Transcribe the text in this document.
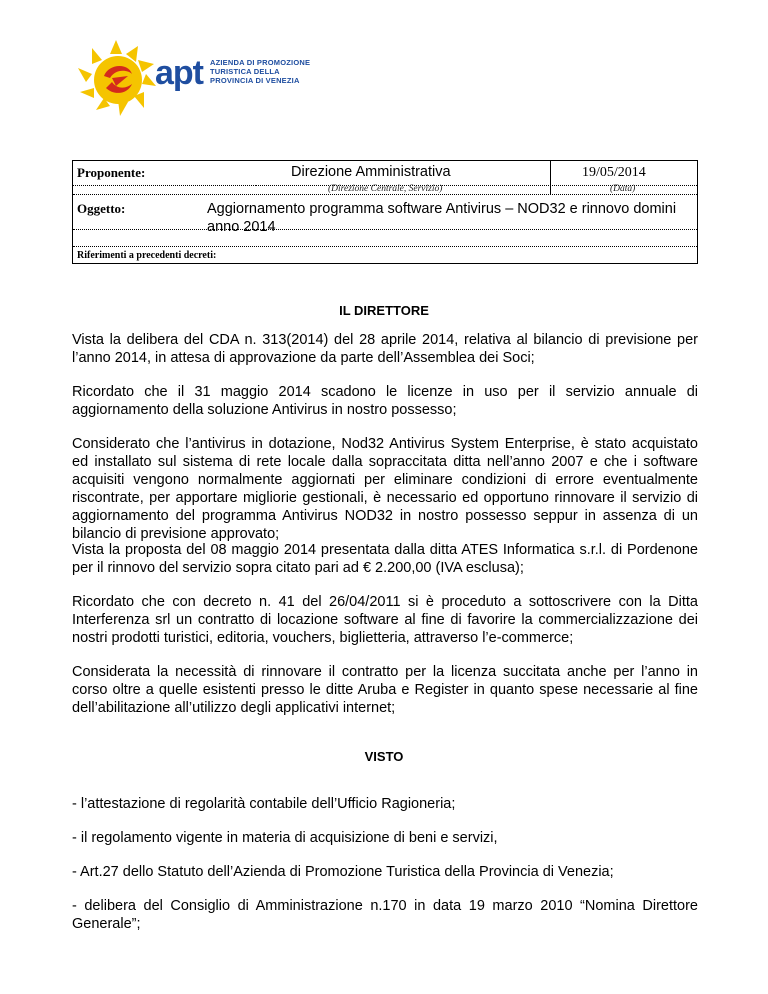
apt AZIENDA DI PROMOZIONE
TURISTICA DELLA
PROVINCIA DI VENEZIA
Proponente:	Direzione Amministrativa	19/05/2014
(Direzione Centrale, Servizio)	(Data)
Oggetto:	Aggiornamento programma software Antivirus – NOD32 e rinnovo domini anno 2014
Riferimenti a precedenti decreti:
IL DIRETTORE
Vista la delibera del CDA n. 313(2014) del 28 aprile 2014, relativa al bilancio di previsione per l’anno 2014, in attesa di approvazione da parte dell’Assemblea dei Soci;
Ricordato che il 31 maggio 2014 scadono le licenze in uso per il servizio annuale di aggiornamento della soluzione Antivirus in nostro possesso;
Considerato che l’antivirus in dotazione, Nod32 Antivirus System Enterprise, è stato acquistato ed installato sul sistema di rete locale dalla sopraccitata ditta nell’anno 2007 e che i software acquisiti vengono normalmente aggiornati per eliminare condizioni di errore eventualmente riscontrate, per apportare migliorie gestionali, è necessario ed opportuno rinnovare il servizio di aggiornamento del programma Antivirus NOD32 in nostro possesso seppur in assenza di un bilancio di previsione approvato;
Vista la proposta del 08 maggio 2014 presentata dalla ditta ATES Informatica s.r.l. di Pordenone per il rinnovo del servizio sopra citato pari ad € 2.200,00 (IVA esclusa);
Ricordato che con decreto n. 41 del 26/04/2011 si è proceduto a sottoscrivere con la Ditta Interferenza srl un contratto di locazione software al fine di favorire la commercializzazione dei nostri prodotti turistici, editoria, vouchers, biglietteria, attraverso l’e-commerce;
Considerata la necessità di rinnovare il contratto per la licenza succitata anche per l’anno in corso oltre a quelle esistenti presso le ditte Aruba e Register in quanto spese necessarie al fine dell’abilitazione all’utilizzo degli applicativi internet;
VISTO
- l’attestazione di regolarità contabile dell’Ufficio Ragioneria;
- il regolamento vigente in materia di acquisizione di beni e servizi,
- Art.27 dello Statuto dell’Azienda di Promozione Turistica della Provincia di Venezia;
- delibera del Consiglio di Amministrazione n.170 in data 19 marzo 2010 “Nomina Direttore Generale”;
